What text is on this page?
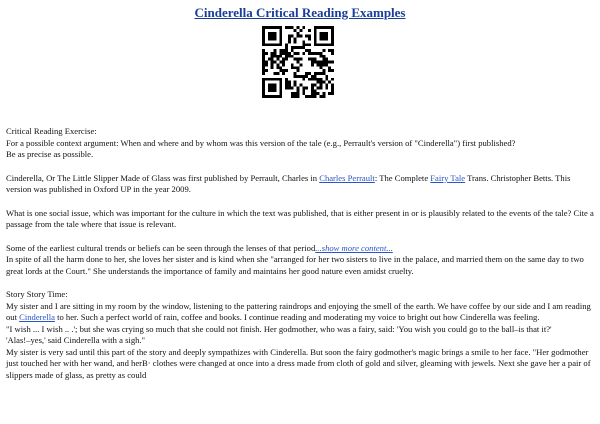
Cinderella Critical Reading Examples

Critical Reading Exercise:

For a possible context argument: When and where and by whom was this version of the tale (e.g., Perrault's version of "Cinderella") first published?

Be as precise as possible.

Cinderella, Or The Little Slipper Made of Glass was first published by Perrault, Charles in Charles Perrault: The Complete Fairy Tale Trans. Christopher Betts. This version was published in Oxford UP in the year 2009.

What is one social issue, which was important for the culture in which the text was published, that is either present in or is plausibly related to the events of the tale? Cite a passage from the tale where that issue is relevant.

Some of the earliest cultural trends or beliefs can be seen through the lenses of that period...show more content...

In spite of all the harm done to her, she loves her sister and is kind when she "arranged for her two sisters to live in the palace, and married them on the same day to two great lords at the Court." She understands the importance of family and maintains her good nature even amidst cruelty.

Story Story Time:

My sister and I are sitting in my room by the window, listening to the pattering raindrops and enjoying the smell of the earth. We have coffee by our side and I am reading out Cinderella to her. Such a perfect world of rain, coffee and books. I continue reading and moderating my voice to bright out how Cinderella was feeling.

"I wish ... I wish .. .'; but she was crying so much that she could not finish. Her godmother, who was a fairy, said: 'You wish you could go to the ball–is that it?'

'Alas!–yes,' said Cinderella with a sigh."

My sister is very sad until this part of the story and deeply sympathizes with Cinderella. But soon the fairy godmother's magic brings a smile to her face. "Her godmother just touched her with her wand, and herB· clothes were changed at once into a dress made from cloth of gold and silver, gleaming with jewels. Next she gave her a pair of slippers made of glass, as pretty as could
